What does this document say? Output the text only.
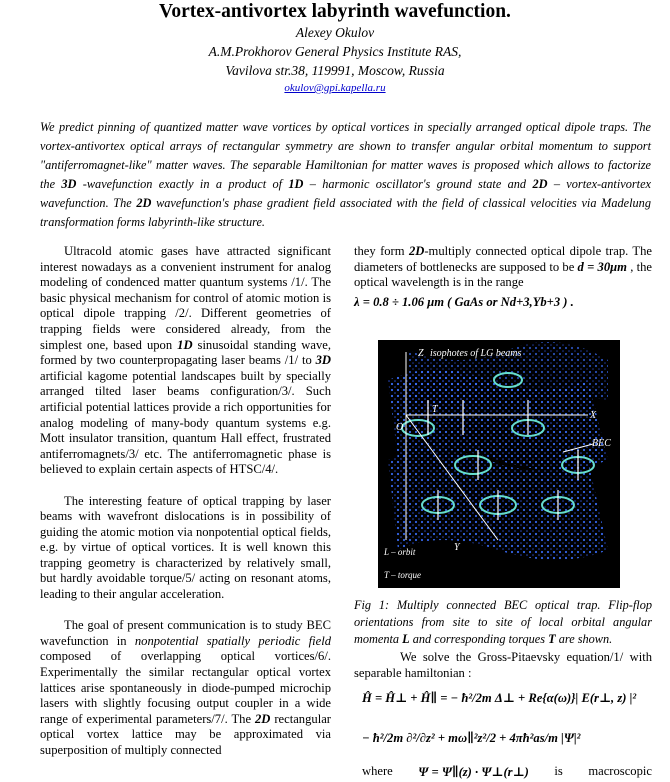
Vortex-antivortex labyrinth wavefunction.
Alexey Okulov
A.M.Prokhorov General Physics Institute RAS,
Vavilova str.38, 119991, Moscow, Russia
okulov@gpi.kapella.ru
We predict pinning of quantized matter wave vortices by optical vortices in specially arranged optical dipole traps. The vortex-antivortex optical arrays of rectangular symmetry are shown to transfer angular orbital momentum to support "antiferromagnet-like" matter waves. The separable Hamiltonian for matter waves is proposed which allows to factorize the 3D -wavefunction exactly in a product of 1D – harmonic oscillator's ground state and 2D – vortex-antivortex wavefunction. The 2D wavefunction's phase gradient field associated with the field of classical velocities via Madelung transformation forms labyrinth-like structure.

Ultracold atomic gases have attracted significant interest nowadays as a convenient instrument for analog modeling of condenced matter quantum systems /1/. The basic physical mechanism for control of atomic motion is optical dipole trapping /2/. Different geometries of trapping fields were considered already, from the simplest one, based upon 1D sinusoidal standing wave, formed by two counterpropagating laser beams /1/ to 3D artificial kagome potential landscapes built by specially arranged tilted laser beams configuration/3/. Such artificial potential lattices provide a rich opportunities for analog modeling of many-body quantum systems e.g. Mott insulator transition, quantum Hall effect, frustrated antiferromagnets/3/ etc. The antiferromagnetic phase is believed to explain certain aspects of HTSC/4/.

The interesting feature of optical trapping by laser beams with wavefront dislocations is in possibility of guiding the atomic motion via nonpotential optical fields, e.g. by virtue of optical vortices. It is well known this trapping geometry is characterized by relatively small, but hardly avoidable torque/5/ acting on resonant atoms, leading to their angular acceleration.

The goal of present communication is to study BEC wavefunction in nonpotential spatially periodic field composed of overlapping optical vortices/6/. Experimentally the similar rectangular optical vortex lattices arise spontaneously in diode-pumped microchip lasers with slightly focusing output coupler in a wide range of experimental parameters/7/. The 2D rectangular optical vortex lattice may be approximated via superposition of multiply connected

they form 2D-multiply connected optical dipole trap. The diameters of bottlenecks are supposed to be d = 30μm , the optical wavelength is in the range

λ = 0.8 ÷ 1.06 μm ( GaAs or Nd+3,Yb+3 ) .
Z isophotes of LG beams
X
O
BEC
Y
T
L – orbit
T – torque
Fig 1: Multiply connected BEC optical trap. Flip-flop orientations from site to site of local orbital angular momenta L and corresponding torques T are shown.
We solve the Gross-Pitaevsky equation/1/ with separable hamiltonian :
Ĥ = Ĥ⊥ + Ĥ∥ = − ħ²/2m Δ⊥ + Re{α(ω)}| E(r⊥, z) |²
− ħ²/2m ∂²/∂z² + mω∥²z²/2 + 4πħ²as/m |Ψ|²
where Ψ = Ψ∥(z) · Ψ⊥(r⊥) is macroscopic
